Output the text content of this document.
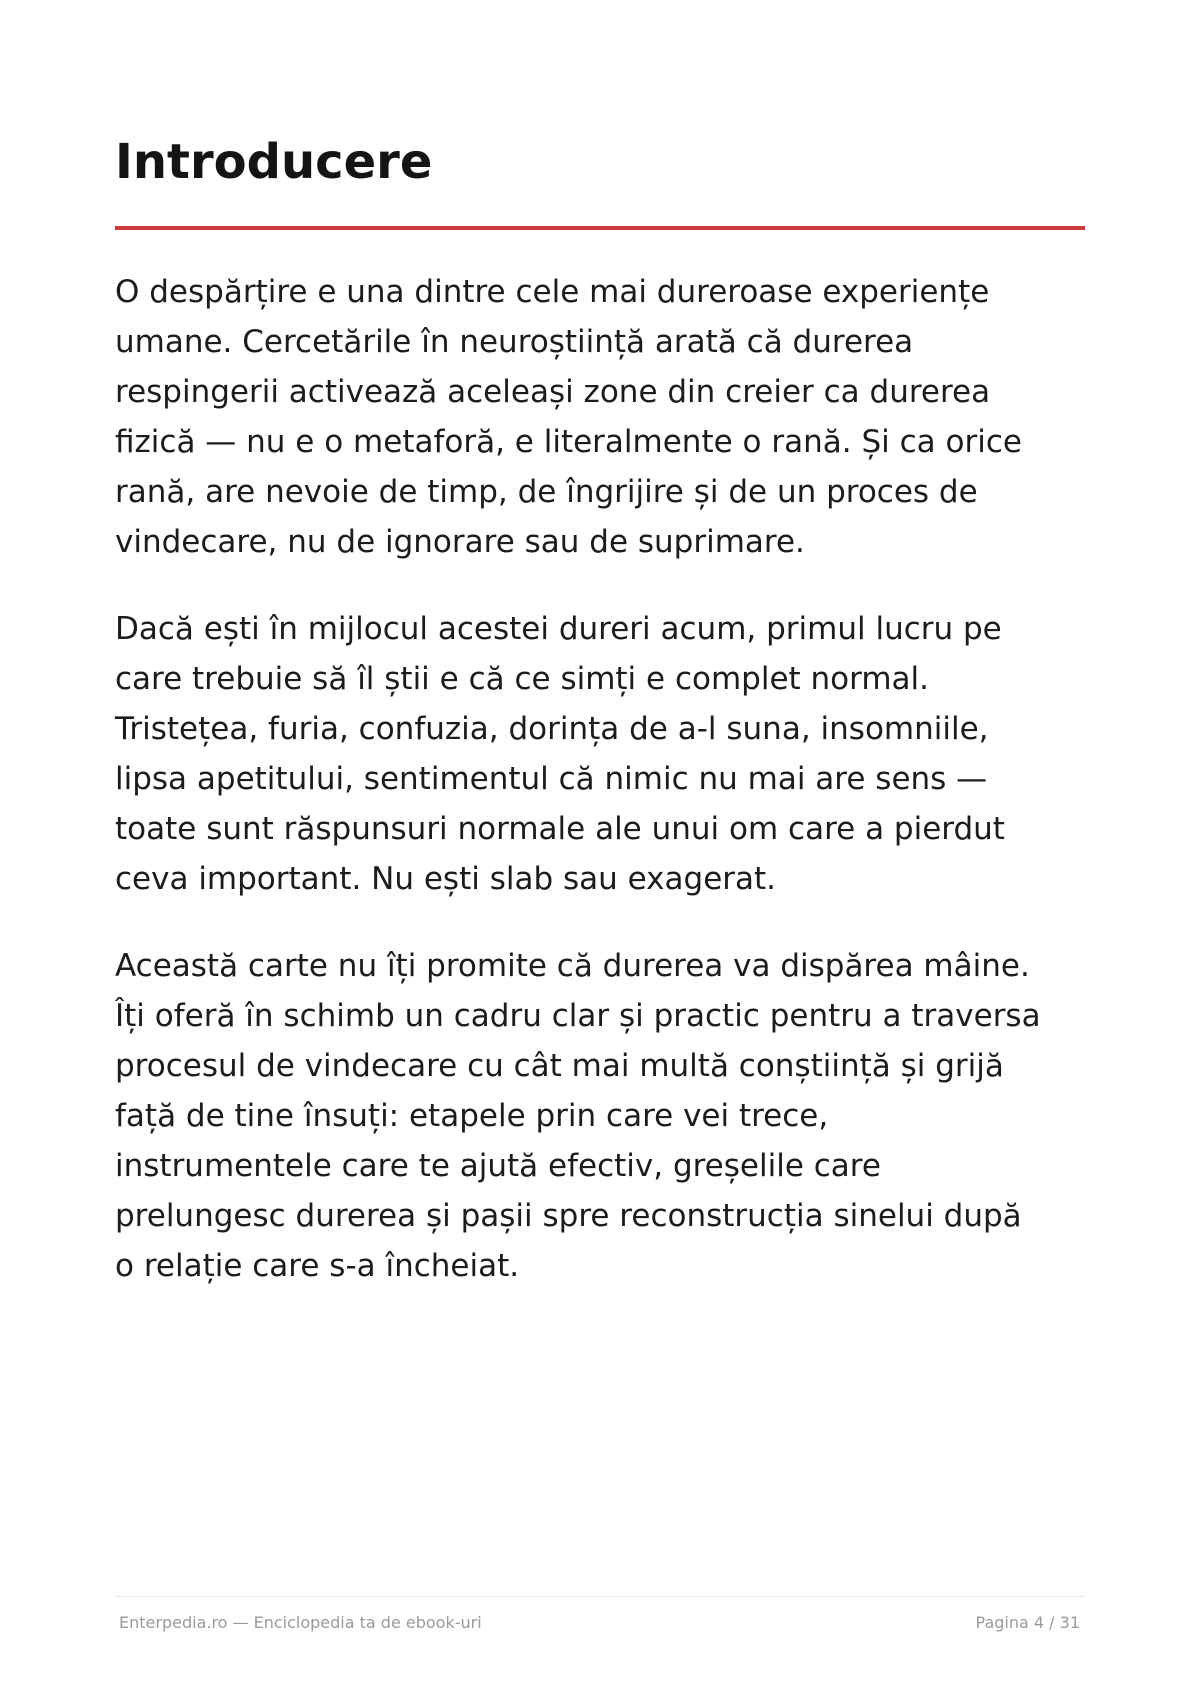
Introducere

O despărțire e una dintre cele mai dureroase experiențe
umane. Cercetările în neuroștiință arată că durerea
respingerii activează aceleași zone din creier ca durerea
fizică — nu e o metaforă, e literalmente o rană. Și ca orice
rană, are nevoie de timp, de îngrijire și de un proces de
vindecare, nu de ignorare sau de suprimare.

Dacă ești în mijlocul acestei dureri acum, primul lucru pe
care trebuie să îl știi e că ce simți e complet normal.
Tristețea, furia, confuzia, dorința de a-l suna, insomniile,
lipsa apetitului, sentimentul că nimic nu mai are sens —
toate sunt răspunsuri normale ale unui om care a pierdut
ceva important. Nu ești slab sau exagerat.

Această carte nu îți promite că durerea va dispărea mâine.
Îți oferă în schimb un cadru clar și practic pentru a traversa
procesul de vindecare cu cât mai multă conștiință și grijă
față de tine însuți: etapele prin care vei trece,
instrumentele care te ajută efectiv, greșelile care
prelungesc durerea și pașii spre reconstrucția sinelui după
o relație care s-a încheiat.

Enterpedia.ro — Enciclopedia ta de ebook-uri	Pagina 4 / 31
